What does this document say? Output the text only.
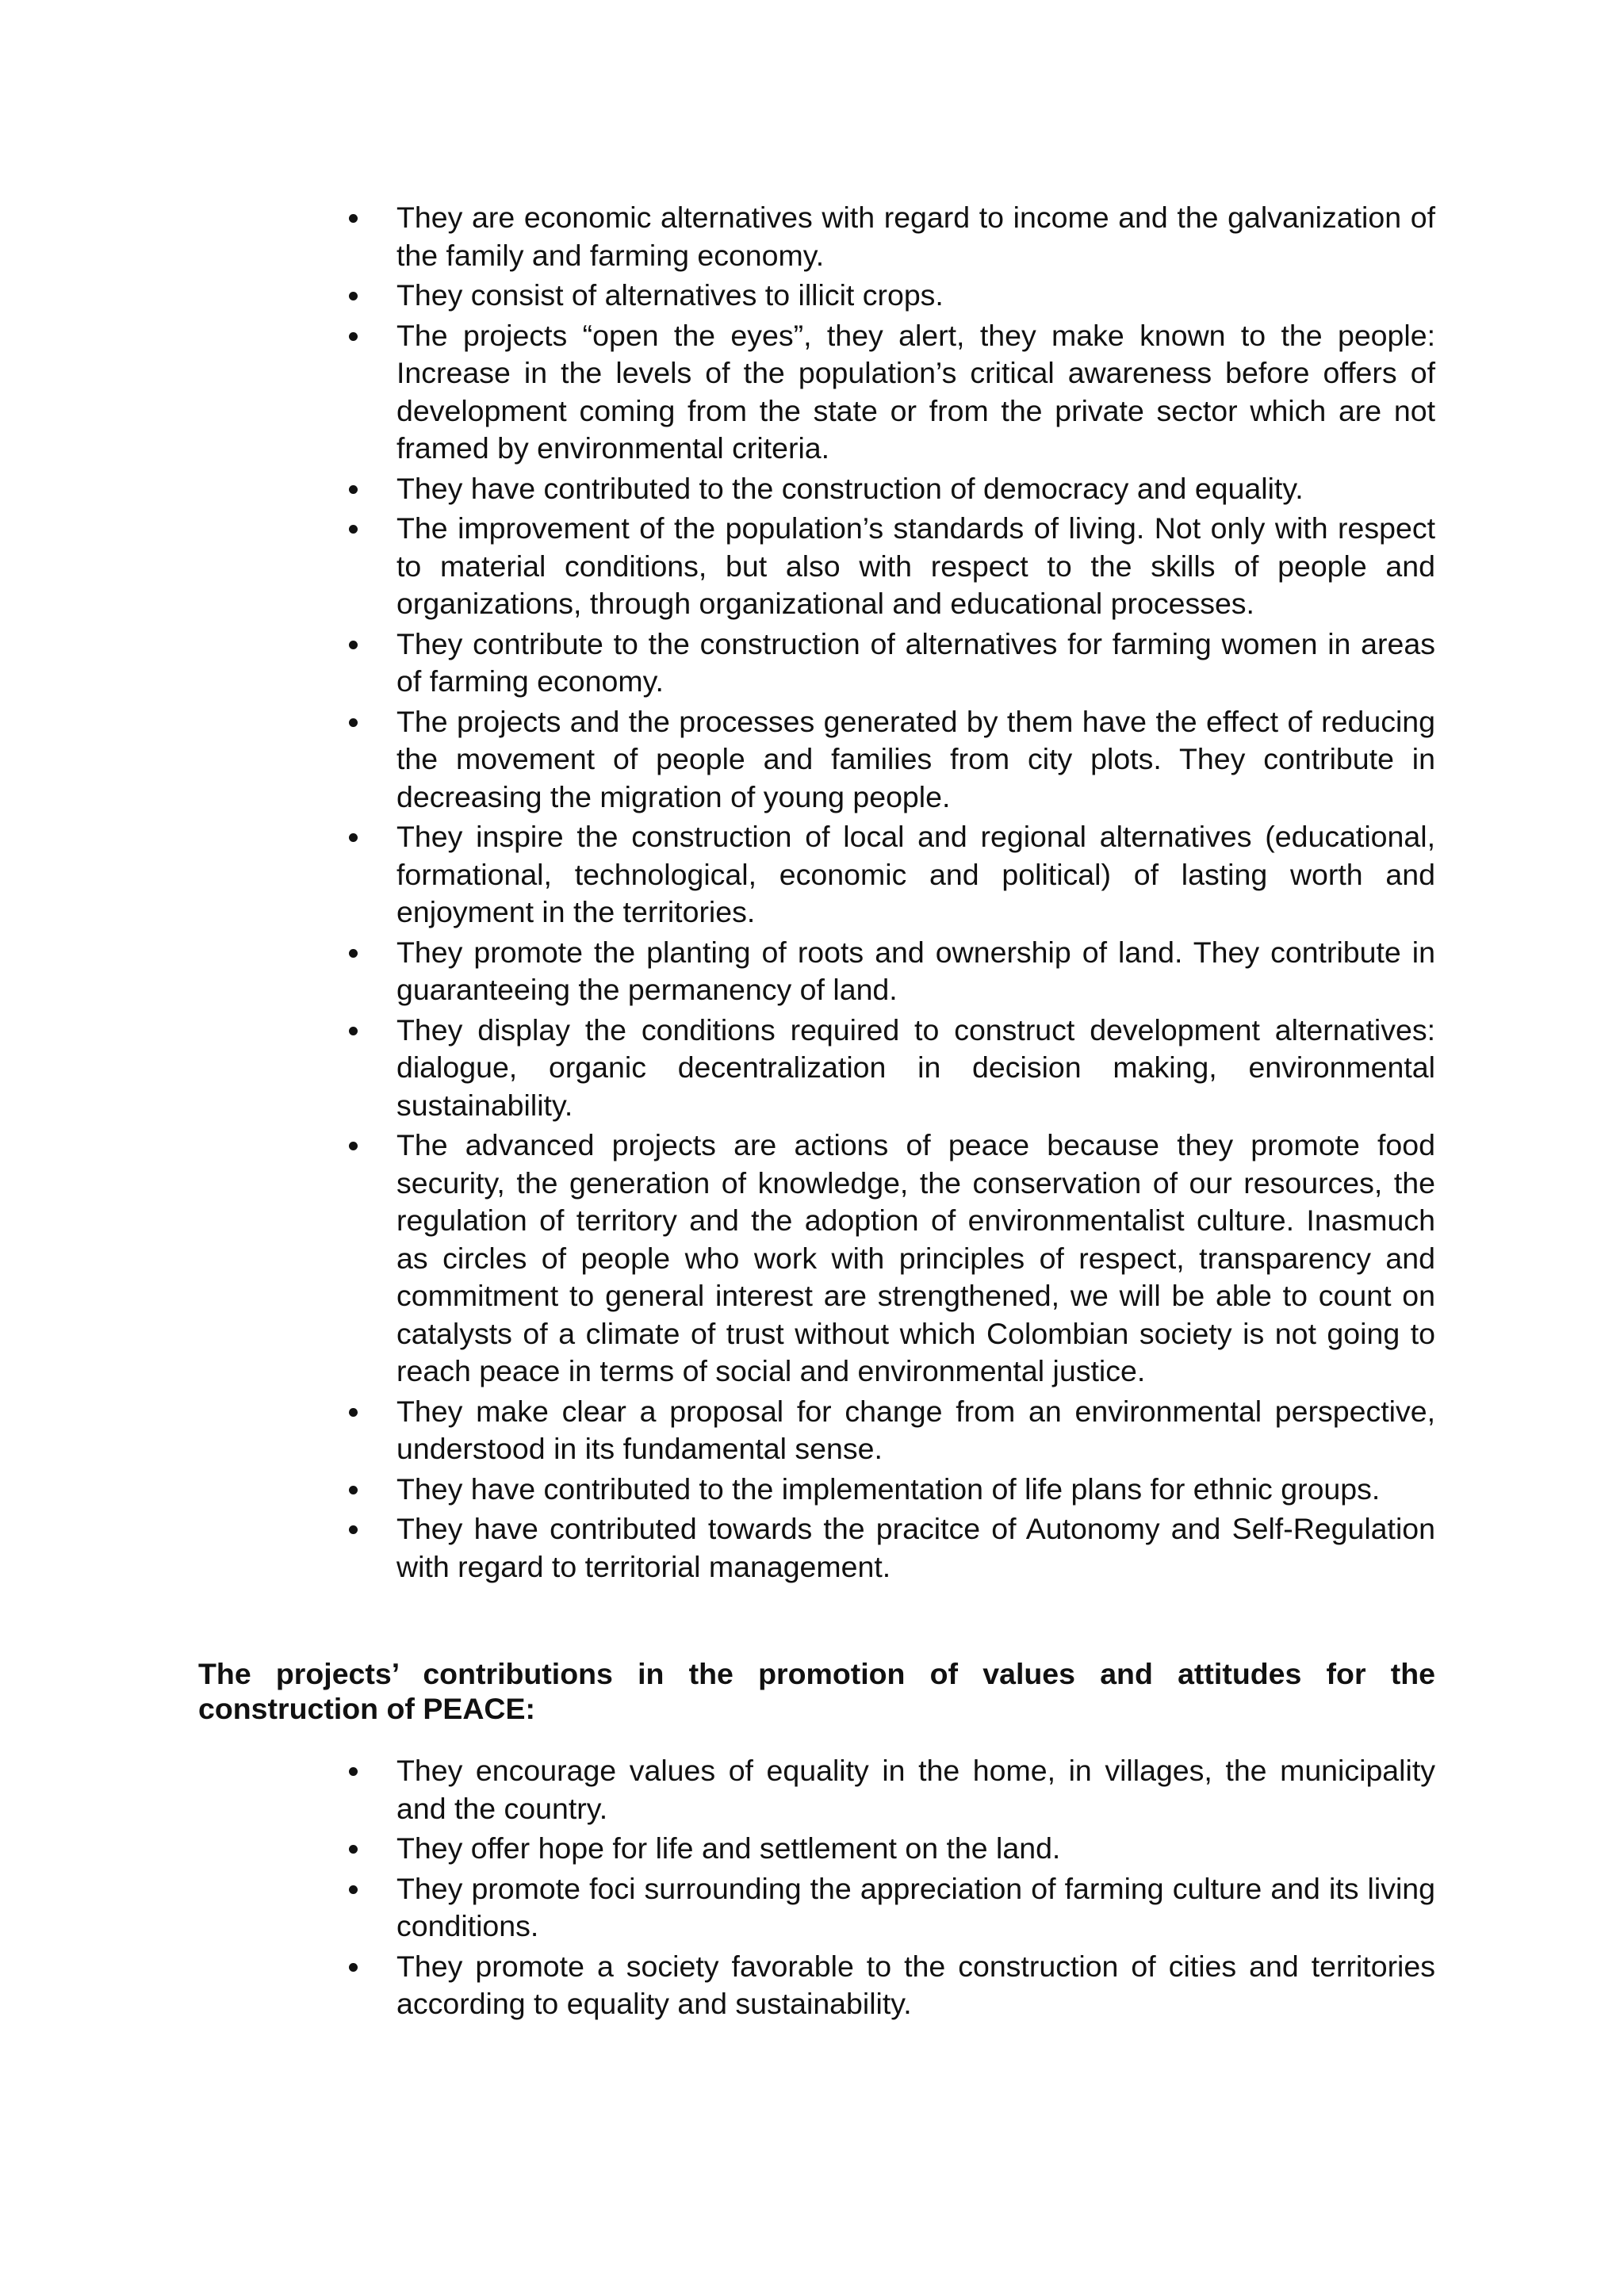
They are economic alternatives with regard to income and the galvanization of the family and farming economy.
They consist of alternatives to illicit crops.
The projects “open the eyes”, they alert, they make known to the people: Increase in the levels of the population’s critical awareness before offers of development coming from the state or from the private sector which are not framed by environmental criteria.
They have contributed to the construction of democracy and equality.
The improvement of the population’s standards of living. Not only with respect to material conditions, but also with respect to the skills of people and organizations, through organizational and educational processes.
They contribute to the construction of alternatives for farming women in areas of farming economy.
The projects and the processes generated by them have the effect of reducing the movement of people and families from city plots. They contribute in decreasing the migration of young people.
They inspire the construction of local and regional alternatives (educational, formational, technological, economic and political) of lasting worth and enjoyment in the territories.
They promote the planting of roots and ownership of land. They contribute in guaranteeing the permanency of land.
They display the conditions required to construct development alternatives: dialogue, organic decentralization in decision making, environmental sustainability.
The advanced projects are actions of peace because they promote food security, the generation of knowledge, the conservation of our resources, the regulation of territory and the adoption of environmentalist culture. Inasmuch as circles of people who work with principles of respect, transparency and commitment to general interest are strengthened, we will be able to count on catalysts of a climate of trust without which Colombian society is not going to reach peace in terms of social and environmental justice.
They make clear a proposal for change from an environmental perspective, understood in its fundamental sense.
They have contributed to the implementation of life plans for ethnic groups.
They have contributed towards the pracitce of Autonomy and Self-Regulation with regard to territorial management.
The projects’ contributions in the promotion of values and attitudes for the construction of PEACE:
They encourage values of equality in the home, in villages, the municipality and the country.
They offer hope for life and settlement on the land.
They promote foci surrounding the appreciation of farming culture and its living conditions.
They promote a society favorable to the construction of cities and territories according to equality and sustainability.
